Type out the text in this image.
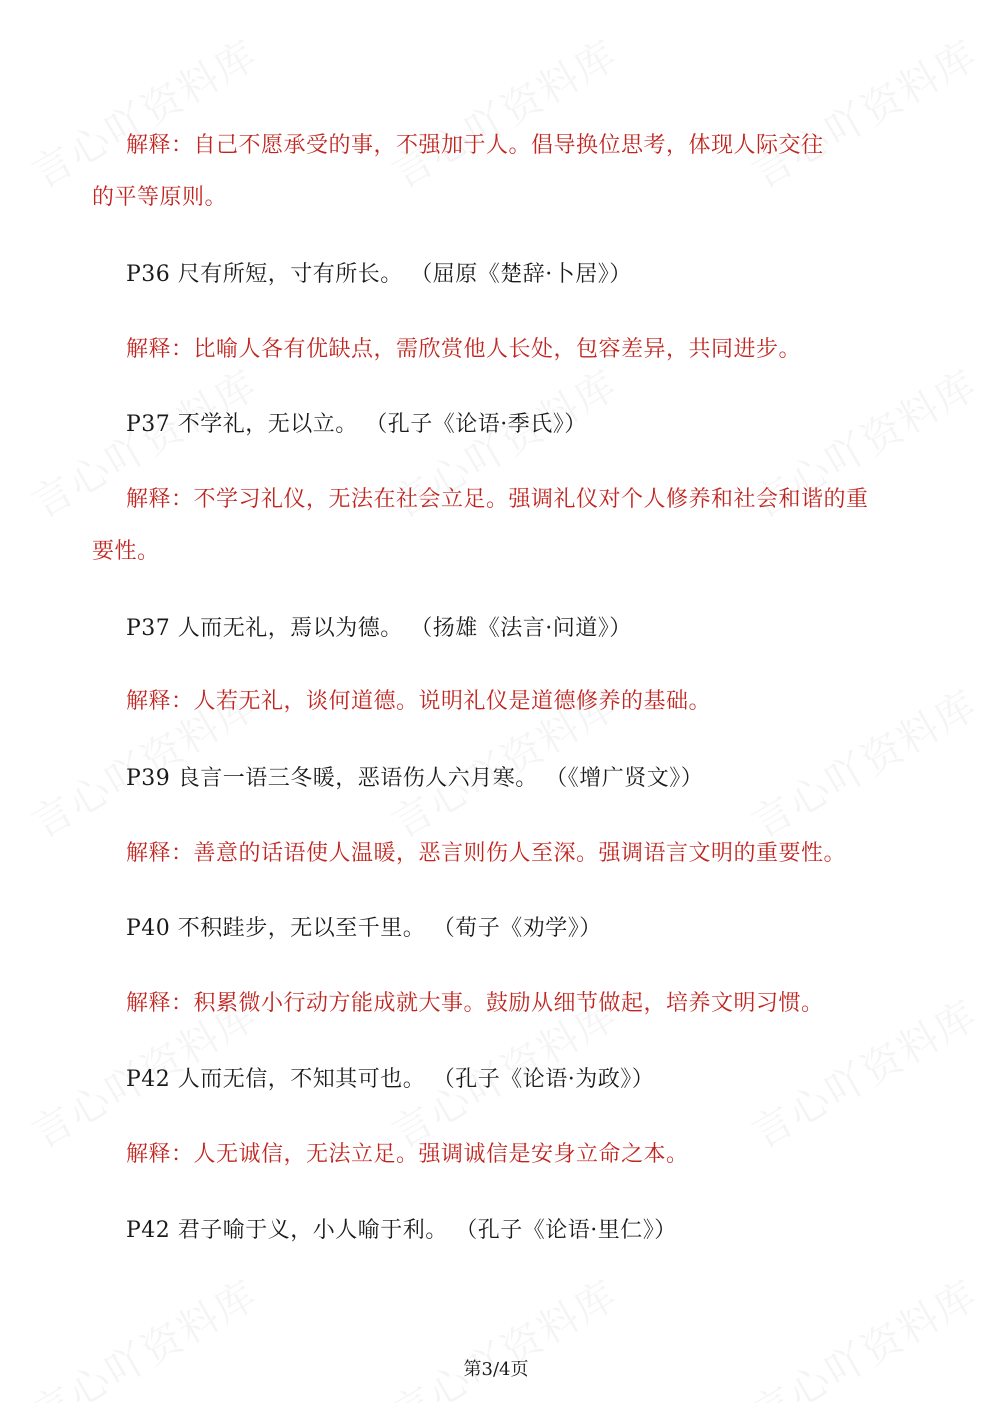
解释：自己不愿承受的事，不强加于人。倡导换位思考，体现人际交往
的平等原则。
P36 尺有所短，寸有所长。 （屈原《楚辞·卜居》）
解释：比喻人各有优缺点，需欣赏他人长处，包容差异，共同进步。
P37 不学礼，无以立。 （孔子《论语·季氏》）
解释：不学习礼仪，无法在社会立足。强调礼仪对个人修养和社会和谐的重
要性。
P37 人而无礼，焉以为德。 （扬雄《法言·问道》）
解释：人若无礼，谈何道德。说明礼仪是道德修养的基础。
P39 良言一语三冬暖，恶语伤人六月寒。 （《增广贤文》）
解释：善意的话语使人温暖，恶言则伤人至深。强调语言文明的重要性。
P40 不积跬步，无以至千里。 （荀子《劝学》）
解释：积累微小行动方能成就大事。鼓励从细节做起，培养文明习惯。
P42 人而无信，不知其可也。 （孔子《论语·为政》）
解释：人无诚信，无法立足。强调诚信是安身立命之本。
P42 君子喻于义，小人喻于利。 （孔子《论语·里仁》）
第3/4页
